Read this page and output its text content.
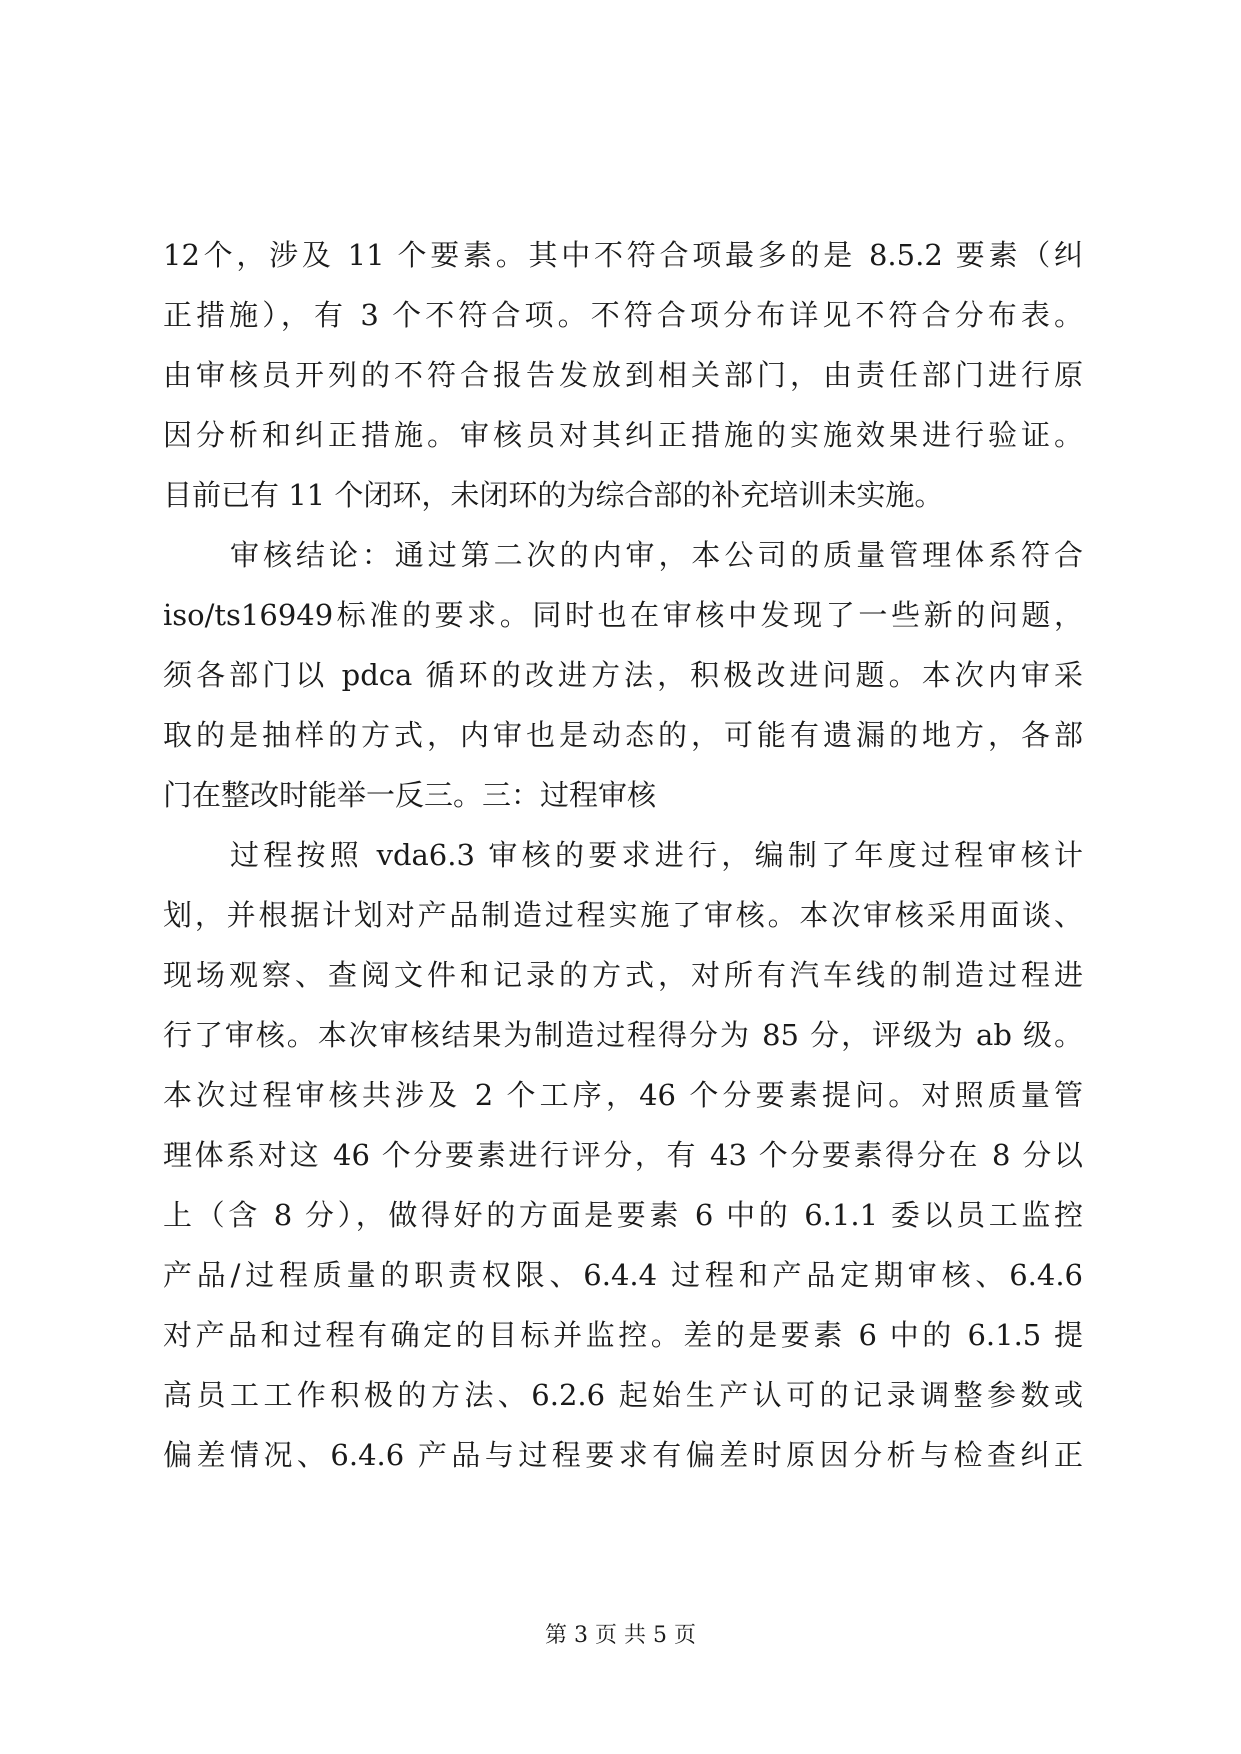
12个，涉及 11 个要素。其中不符合项最多的是 8.5.2 要素（纠
正措施），有 3 个不符合项。不符合项分布详见不符合分布表。
由审核员开列的不符合报告发放到相关部门，由责任部门进行原
因分析和纠正措施。审核员对其纠正措施的实施效果进行验证。
目前已有 11 个闭环，未闭环的为综合部的补充培训未实施。
审核结论：通过第二次的内审，本公司的质量管理体系符合
iso/ts16949标准的要求。同时也在审核中发现了一些新的问题，
须各部门以 pdca 循环的改进方法，积极改进问题。本次内审采
取的是抽样的方式，内审也是动态的，可能有遗漏的地方，各部
门在整改时能举一反三。三：过程审核
过程按照 vda6.3 审核的要求进行，编制了年度过程审核计
划，并根据计划对产品制造过程实施了审核。本次审核采用面谈、
现场观察、查阅文件和记录的方式，对所有汽车线的制造过程进
行了审核。本次审核结果为制造过程得分为 85 分，评级为 ab 级。
本次过程审核共涉及 2 个工序，46 个分要素提问。对照质量管
理体系对这 46 个分要素进行评分，有 43 个分要素得分在 8 分以
上（含 8 分），做得好的方面是要素 6 中的 6.1.1 委以员工监控
产品/过程质量的职责权限、6.4.4 过程和产品定期审核、6.4.6
对产品和过程有确定的目标并监控。差的是要素 6 中的 6.1.5 提
高员工工作积极的方法、6.2.6 起始生产认可的记录调整参数或
偏差情况、6.4.6 产品与过程要求有偏差时原因分析与检查纠正
第 3 页 共 5 页
